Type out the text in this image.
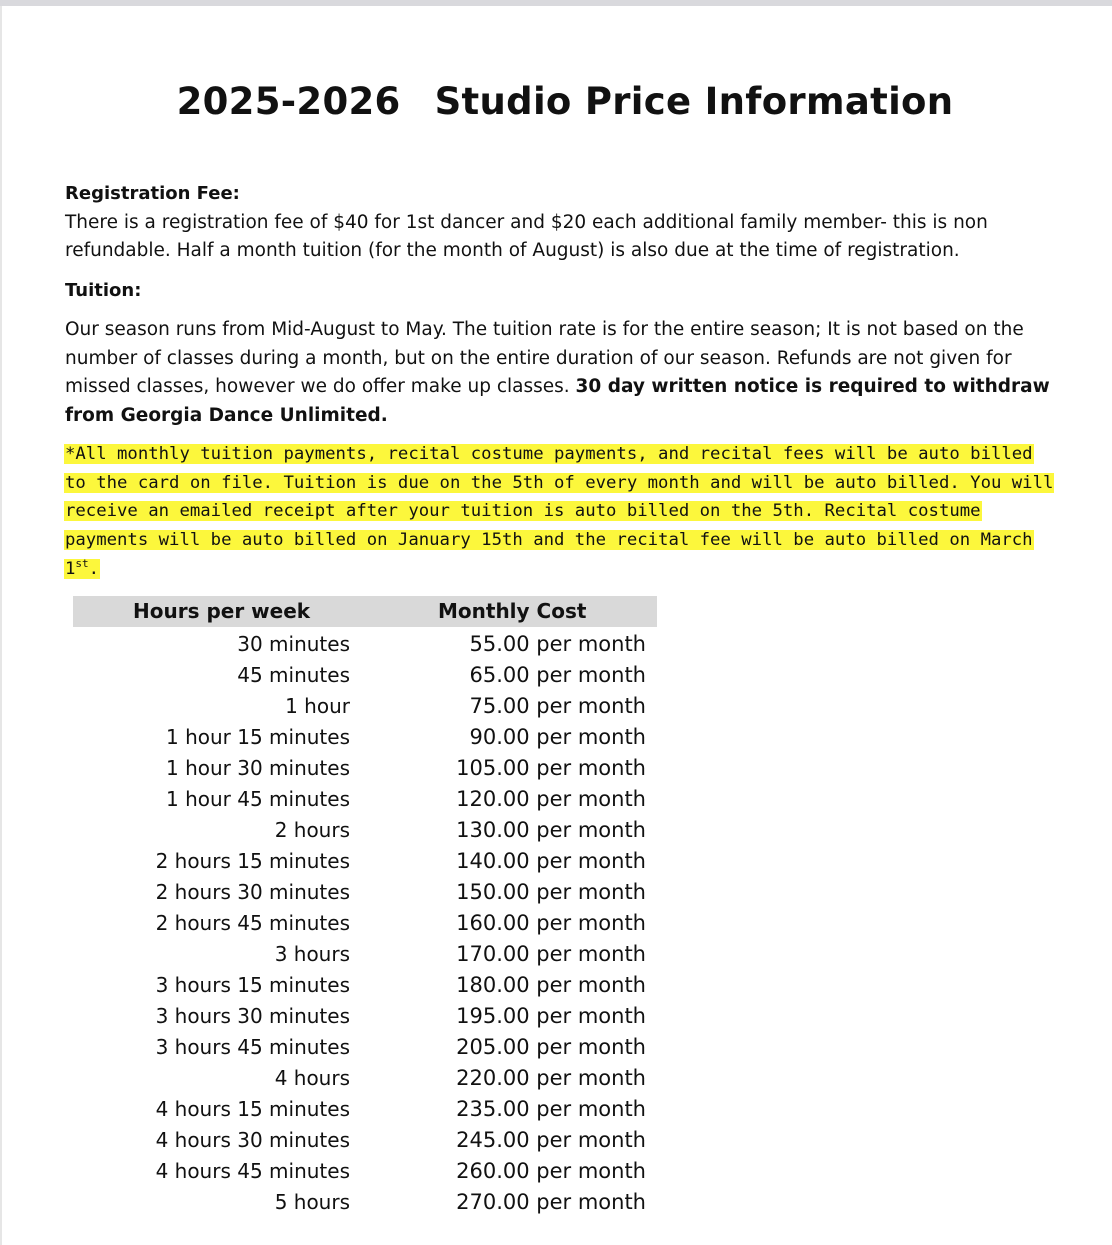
2025-2026 Studio Price Information
Registration Fee:
There is a registration fee of $40 for 1st dancer and $20 each additional family member- this is non refundable. Half a month tuition (for the month of August) is also due at the time of registration.
Tuition:
Our season runs from Mid-August to May. The tuition rate is for the entire season; It is not based on the number of classes during a month, but on the entire duration of our season. Refunds are not given for missed classes, however we do offer make up classes. 30 day written notice is required to withdraw from Georgia Dance Unlimited.
*All monthly tuition payments, recital costume payments, and recital fees will be auto billed to the card on file. Tuition is due on the 5th of every month and will be auto billed. You will receive an emailed receipt after your tuition is auto billed on the 5th. Recital costume payments will be auto billed on January 15th and the recital fee will be auto billed on March 1st.
Hours per week	Monthly Cost
30 minutes	55.00 per month
45 minutes	65.00 per month
1 hour	75.00 per month
1 hour 15 minutes	90.00 per month
1 hour 30 minutes	105.00 per month
1 hour 45 minutes	120.00 per month
2 hours	130.00 per month
2 hours 15 minutes	140.00 per month
2 hours 30 minutes	150.00 per month
2 hours 45 minutes	160.00 per month
3 hours	170.00 per month
3 hours 15 minutes	180.00 per month
3 hours 30 minutes	195.00 per month
3 hours 45 minutes	205.00 per month
4 hours	220.00 per month
4 hours 15 minutes	235.00 per month
4 hours 30 minutes	245.00 per month
4 hours 45 minutes	260.00 per month
5 hours	270.00 per month
